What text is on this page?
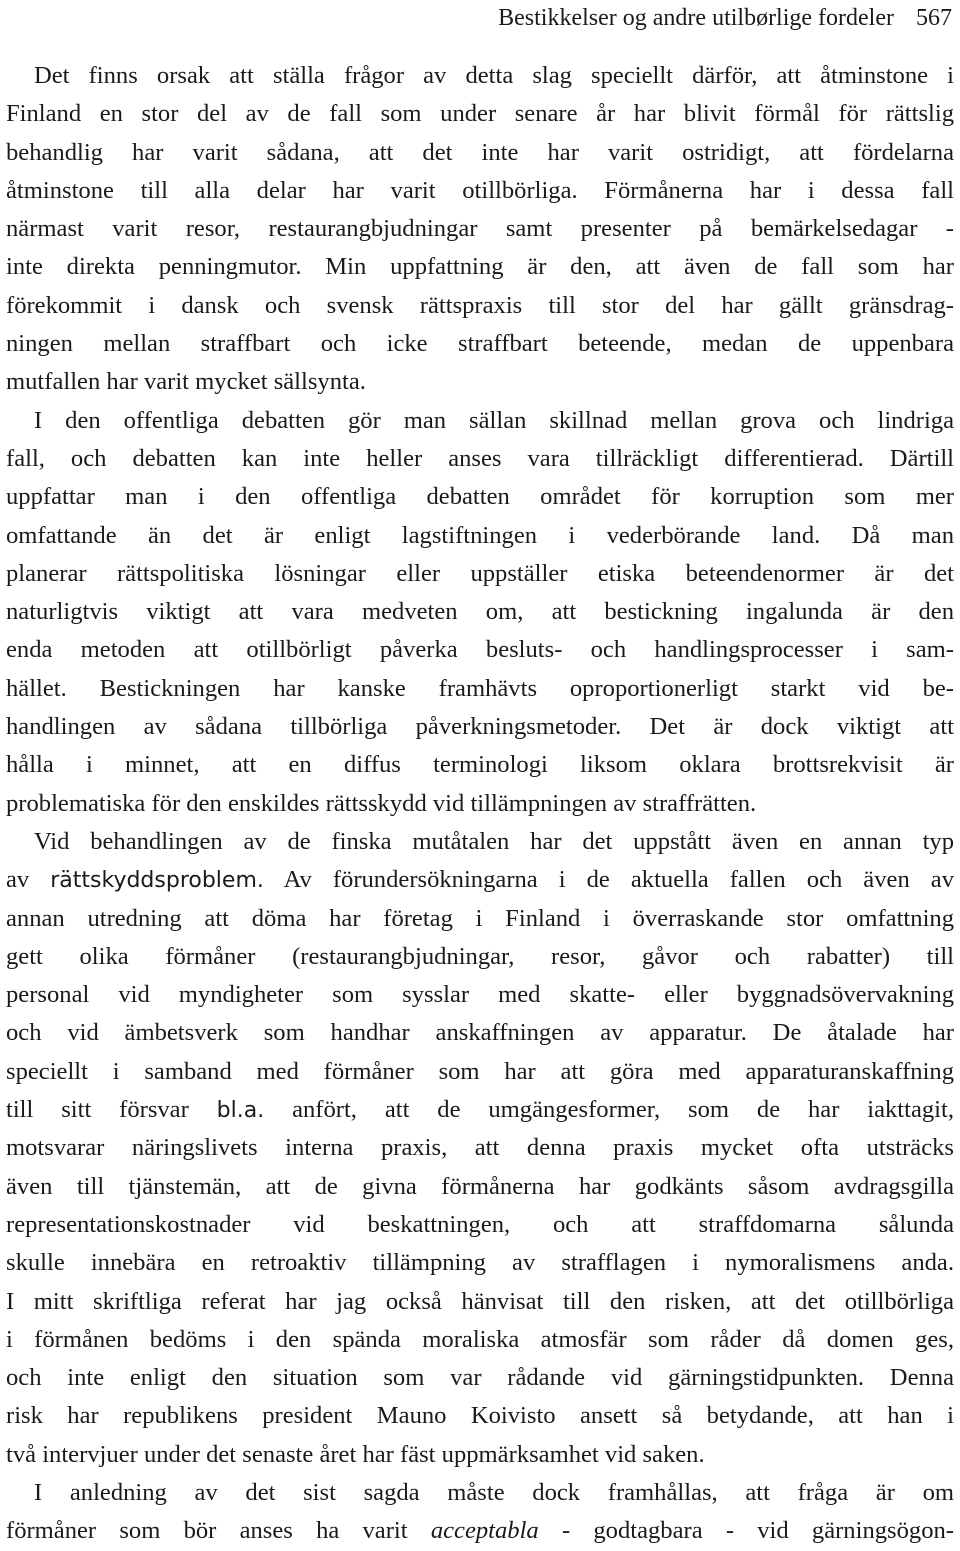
Bestikkelser og andre utilbørlige fordeler 567
Det finns orsak att ställa frågor av detta slag speciellt därför, att åtminstone i
Finland en stor del av de fall som under senare år har blivit förmål för rättslig
behandlig har varit sådana, att det inte har varit ostridigt, att fördelarna
åtminstone till alla delar har varit otillbörliga. Förmånerna har i dessa fall
närmast varit resor, restaurangbjudningar samt presenter på bemärkelsedagar -
inte direkta penningmutor. Min uppfattning är den, att även de fall som har
förekommit i dansk och svensk rättspraxis till stor del har gällt gränsdrag-
ningen mellan straffbart och icke straffbart beteende, medan de uppenbara
mutfallen har varit mycket sällsynta.
I den offentliga debatten gör man sällan skillnad mellan grova och lindriga
fall, och debatten kan inte heller anses vara tillräckligt differentierad. Därtill
uppfattar man i den offentliga debatten området för korruption som mer
omfattande än det är enligt lagstiftningen i vederbörande land. Då man
planerar rättspolitiska lösningar eller uppställer etiska beteendenormer är det
naturligtvis viktigt att vara medveten om, att bestickning ingalunda är den
enda metoden att otillbörligt påverka besluts- och handlingsprocesser i sam-
hället. Bestickningen har kanske framhävts oproportionerligt starkt vid be-
handlingen av sådana tillbörliga påverkningsmetoder. Det är dock viktigt att
hålla i minnet, att en diffus terminologi liksom oklara brottsrekvisit är
problematiska för den enskildes rättsskydd vid tillämpningen av straffrätten.
Vid behandlingen av de finska mutåtalen har det uppstått även en annan typ
av rättskyddsproblem. Av förundersökningarna i de aktuella fallen och även av
annan utredning att döma har företag i Finland i överraskande stor omfattning
gett olika förmåner (restaurangbjudningar, resor, gåvor och rabatter) till
personal vid myndigheter som sysslar med skatte- eller byggnadsövervakning
och vid ämbetsverk som handhar anskaffningen av apparatur. De åtalade har
speciellt i samband med förmåner som har att göra med apparaturanskaffning
till sitt försvar bl.a. anfört, att de umgängesformer, som de har iakttagit,
motsvarar näringslivets interna praxis, att denna praxis mycket ofta utsträcks
även till tjänstemän, att de givna förmånerna har godkänts såsom avdragsgilla
representationskostnader vid beskattningen, och att straffdomarna sålunda
skulle innebära en retroaktiv tillämpning av strafflagen i nymoralismens anda.
I mitt skriftliga referat har jag också hänvisat till den risken, att det otillbörliga
i förmånen bedöms i den spända moraliska atmosfär som råder då domen ges,
och inte enligt den situation som var rådande vid gärningstidpunkten. Denna
risk har republikens president Mauno Koivisto ansett så betydande, att han i
två intervjuer under det senaste året har fäst uppmärksamhet vid saken.
I anledning av det sist sagda måste dock framhållas, att fråga är om
förmåner som bör anses ha varit acceptabla - godtagbara - vid gärningsögon-
